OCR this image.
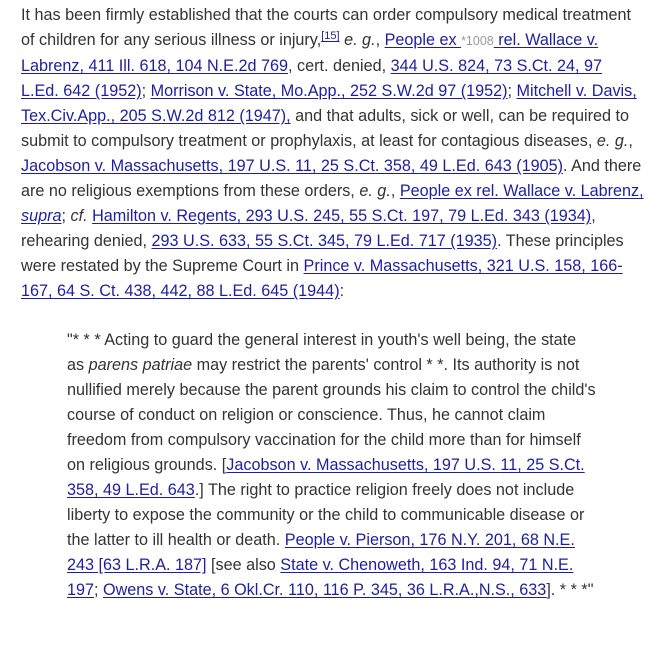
It has been firmly established that the courts can order compulsory medical treatment of children for any serious illness or injury,[15] e. g., People ex *1008 rel. Wallace v. Labrenz, 411 Ill. 618, 104 N.E.2d 769, cert. denied, 344 U.S. 824, 73 S.Ct. 24, 97 L.Ed. 642 (1952); Morrison v. State, Mo.App., 252 S.W.2d 97 (1952); Mitchell v. Davis, Tex.Civ.App., 205 S.W.2d 812 (1947), and that adults, sick or well, can be required to submit to compulsory treatment or prophylaxis, at least for contagious diseases, e. g., Jacobson v. Massachusetts, 197 U.S. 11, 25 S.Ct. 358, 49 L.Ed. 643 (1905). And there are no religious exemptions from these orders, e. g., People ex rel. Wallace v. Labrenz, supra; cf. Hamilton v. Regents, 293 U.S. 245, 55 S.Ct. 197, 79 L.Ed. 343 (1934), rehearing denied, 293 U.S. 633, 55 S.Ct. 345, 79 L.Ed. 717 (1935). These principles were restated by the Supreme Court in Prince v. Massachusetts, 321 U.S. 158, 166-167, 64 S. Ct. 438, 442, 88 L.Ed. 645 (1944):

"* * * Acting to guard the general interest in youth's well being, the state as parens patriae may restrict the parents' control * *. Its authority is not nullified merely because the parent grounds his claim to control the child's course of conduct on religion or conscience. Thus, he cannot claim freedom from compulsory vaccination for the child more than for himself on religious grounds. [Jacobson v. Massachusetts, 197 U.S. 11, 25 S.Ct. 358, 49 L.Ed. 643.] The right to practice religion freely does not include liberty to expose the community or the child to communicable disease or the latter to ill health or death. People v. Pierson, 176 N.Y. 201, 68 N.E. 243 [63 L.R.A. 187] [see also State v. Chenoweth, 163 Ind. 94, 71 N.E. 197; Owens v. State, 6 Okl.Cr. 110, 116 P. 345, 36 L.R.A.,N.S., 633]. * * *"
